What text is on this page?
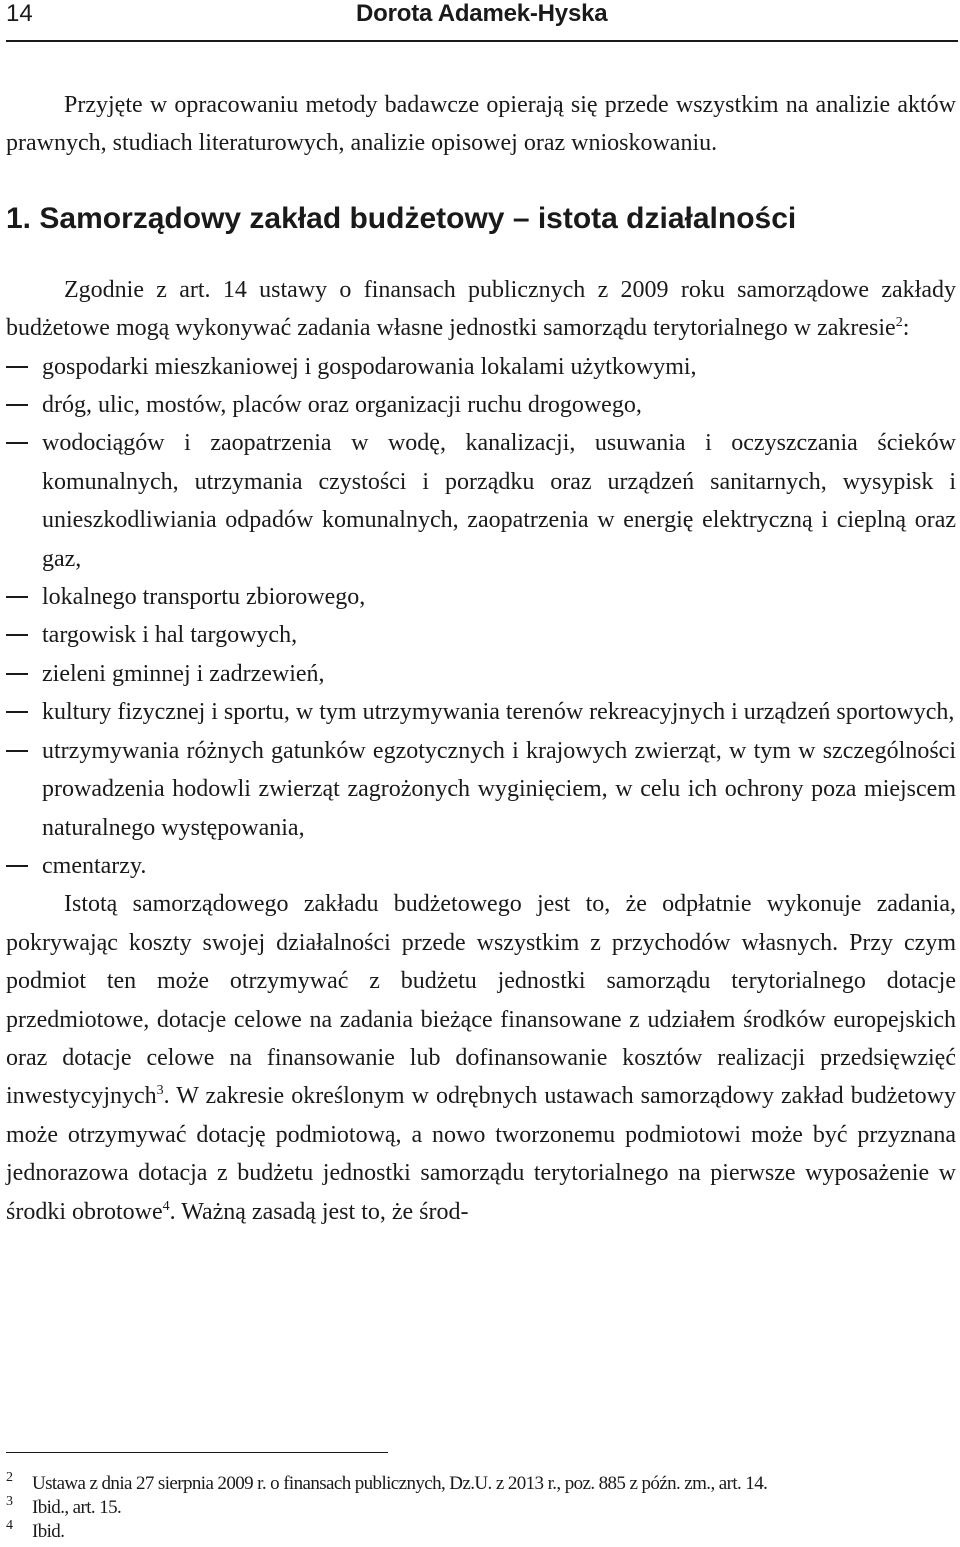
14	Dorota Adamek-Hyska

Przyjęte w opracowaniu metody badawcze opierają się przede wszystkim na analizie aktów prawnych, studiach literaturowych, analizie opisowej oraz wnioskowaniu.

1. Samorządowy zakład budżetowy – istota działalności

Zgodnie z art. 14 ustawy o finansach publicznych z 2009 roku samorządowe zakłady budżetowe mogą wykonywać zadania własne jednostki samorządu terytorialnego w zakresie$^2$:

gospodarki mieszkaniowej i gospodarowania lokalami użytkowymi,
dróg, ulic, mostów, placów oraz organizacji ruchu drogowego,
wodociągów i zaopatrzenia w wodę, kanalizacji, usuwania i oczyszczania ścieków komunalnych, utrzymania czystości i porządku oraz urządzeń sanitarnych, wysypisk i unieszkodliwiania odpadów komunalnych, zaopatrzenia w energię elektryczną i cieplną oraz gaz,
lokalnego transportu zbiorowego,
targowisk i hal targowych,
zieleni gminnej i zadrzewień,
kultury fizycznej i sportu, w tym utrzymywania terenów rekreacyjnych i urządzeń sportowych,
utrzymywania różnych gatunków egzotycznych i krajowych zwierząt, w tym w szczególności prowadzenia hodowli zwierząt zagrożonych wyginięciem, w celu ich ochrony poza miejscem naturalnego występowania,
cmentarzy.

Istotą samorządowego zakładu budżetowego jest to, że odpłatnie wykonuje zadania, pokrywając koszty swojej działalności przede wszystkim z przychodów własnych. Przy czym podmiot ten może otrzymywać z budżetu jednostki samorządu terytorialnego dotacje przedmiotowe, dotacje celowe na zadania bieżące finansowane z udziałem środków europejskich oraz dotacje celowe na finansowanie lub dofinansowanie kosztów realizacji przedsięwzięć inwestycyjnych$^3$. W zakresie określonym w odrębnych ustawach samorządowy zakład budżetowy może otrzymywać dotację podmiotową, a nowo tworzonemu podmiotowi może być przyznana jednorazowa dotacja z budżetu jednostki samorządu terytorialnego na pierwsze wyposażenie w środki obrotowe$^4$. Ważną zasadą jest to, że środ-

2 Ustawa z dnia 27 sierpnia 2009 r. o finansach publicznych, Dz.U. z 2013 r., poz. 885 z późn. zm., art. 14.
3 Ibid., art. 15.
4 Ibid.
